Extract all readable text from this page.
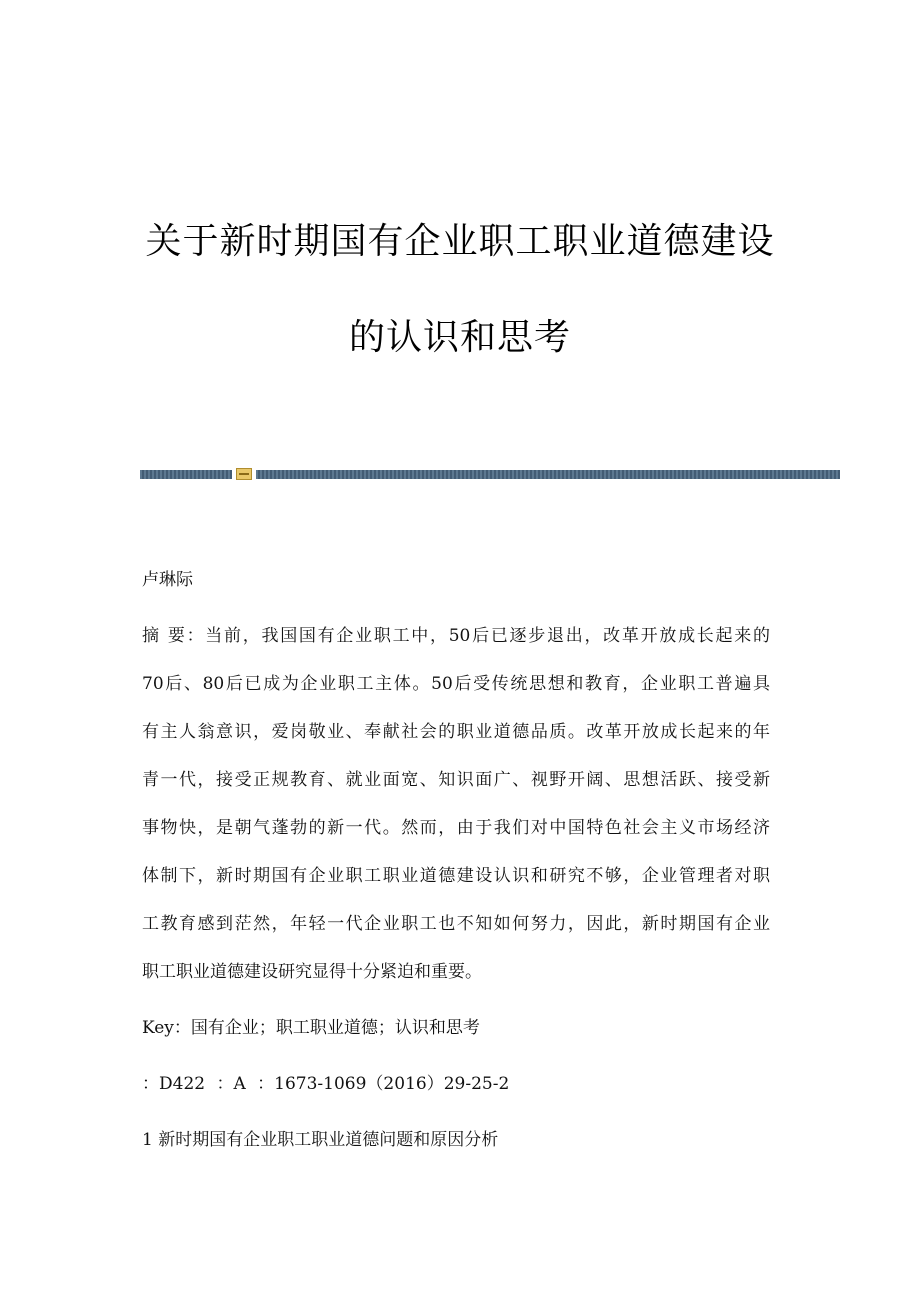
关于新时期国有企业职工职业道德建设
的认识和思考
卢琳际
摘 要：当前，我国国有企业职工中，50后已逐步退出，改革开放成长起来的
70后、80后已成为企业职工主体。50后受传统思想和教育，企业职工普遍具
有主人翁意识，爱岗敬业、奉献社会的职业道德品质。改革开放成长起来的年
青一代，接受正规教育、就业面宽、知识面广、视野开阔、思想活跃、接受新
事物快，是朝气蓬勃的新一代。然而，由于我们对中国特色社会主义市场经济
体制下，新时期国有企业职工职业道德建设认识和研究不够，企业管理者对职
工教育感到茫然，年轻一代企业职工也不知如何努力，因此，新时期国有企业
职工职业道德建设研究显得十分紧迫和重要。
Key：国有企业；职工职业道德；认识和思考
：D422 ：A ：1673-1069（2016）29-25-2
1 新时期国有企业职工职业道德问题和原因分析
